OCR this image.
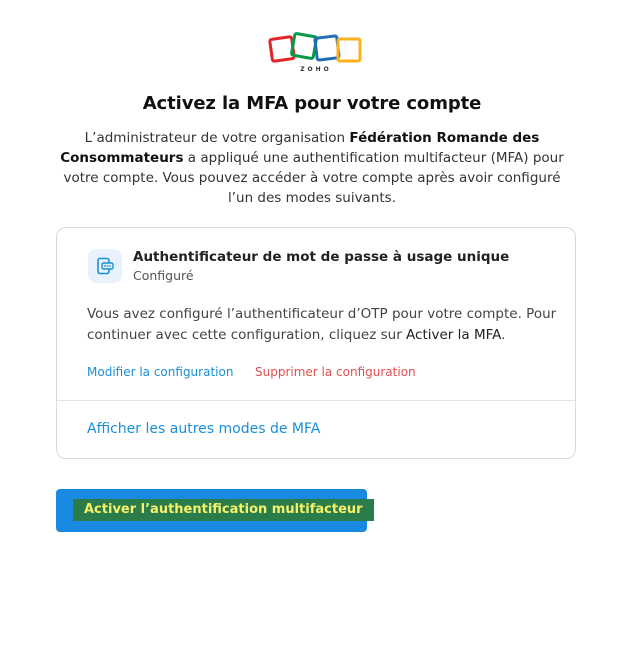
ZOHO
Activez la MFA pour votre compte
L’administrateur de votre organisation Fédération Romande des Consommateurs a appliqué une authentification multifacteur (MFA) pour votre compte. Vous pouvez accéder à votre compte après avoir configuré l’un des modes suivants.
Authentificateur de mot de passe à usage unique
Configuré
Vous avez configuré l’authentificateur d’OTP pour votre compte. Pour continuer avec cette configuration, cliquez sur Activer la MFA.
Modifier la configuration Supprimer la configuration
Afficher les autres modes de MFA
Activer l’authentification multifacteur
